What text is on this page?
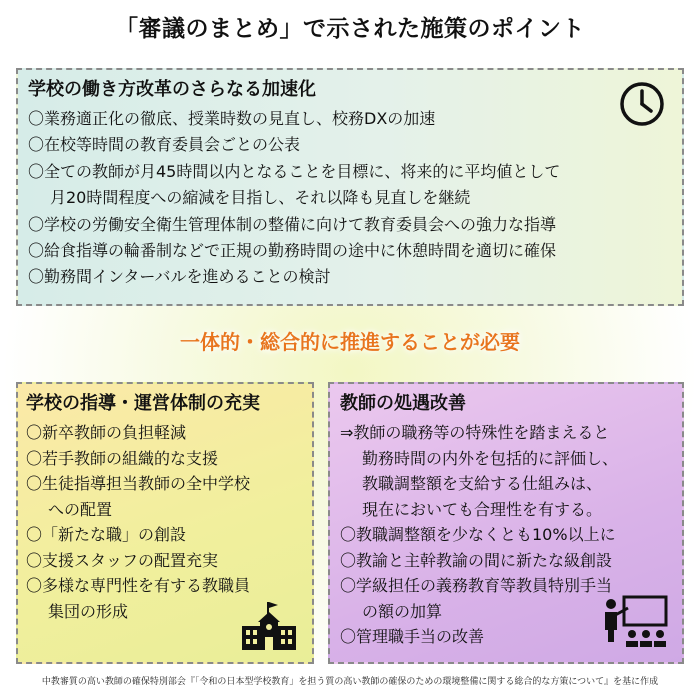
「審議のまとめ」で示された施策のポイント
学校の働き方改革のさらなる加速化
〇業務適正化の徹底、授業時数の見直し、校務DXの加速
〇在校等時間の教育委員会ごとの公表
〇全ての教師が月45時間以内となることを目標に、将来的に平均値として
月20時間程度への縮減を目指し、それ以降も見直しを継続
〇学校の労働安全衛生管理体制の整備に向けて教育委員会への強力な指導
〇給食指導の輪番制などで正規の勤務時間の途中に休憩時間を適切に確保
〇勤務間インターバルを進めることの検討
一体的・総合的に推進することが必要
学校の指導・運営体制の充実
〇新卒教師の負担軽減
〇若手教師の組織的な支援
〇生徒指導担当教師の全中学校
への配置
〇「新たな職」の創設
〇支援スタッフの配置充実
〇多様な専門性を有する教職員
集団の形成
教師の処遇改善
⇒教師の職務等の特殊性を踏まえると
勤務時間の内外を包括的に評価し、
教職調整額を支給する仕組みは、
現在においても合理性を有する。
〇教職調整額を少なくとも10%以上に
〇教諭と主幹教諭の間に新たな級創設
〇学級担任の義務教育等教員特別手当
の額の加算
〇管理職手当の改善
中教審質の高い教師の確保特別部会『「令和の日本型学校教育」を担う質の高い教師の確保のための環境整備に関する総合的な方策について』を基に作成
